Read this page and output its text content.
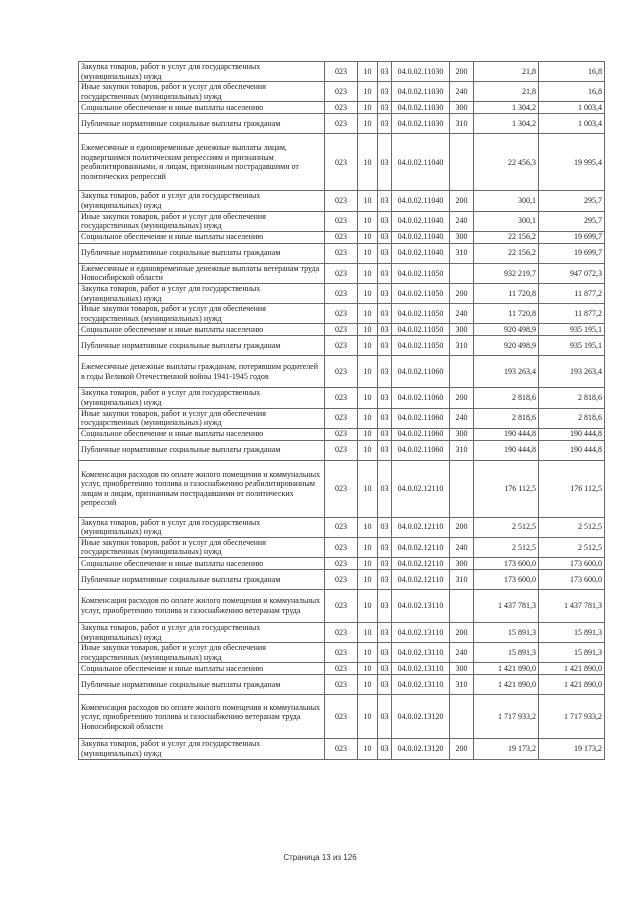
Закупка товаров, работ и услуг для государственных (муниципальных) нужд	023	10	03	04.0.02.11030	200	21,8	16,8
Иные закупки товаров, работ и услуг для обеспечения государственных (муниципальных) нужд	023	10	03	04.0.02.11030	240	21,8	16,8
Социальное обеспечение и иные выплаты населению	023	10	03	04.0.02.11030	300	1 304,2	1 003,4
Публичные нормативные социальные выплаты гражданам	023	10	03	04.0.02.11030	310	1 304,2	1 003,4
Ежемесячные и единовременные денежные выплаты лицам, подвергшимся политическим репрессиям и признанным реабилитированными, и лицам, признанным пострадавшими от политических репрессий	023	10	03	04.0.02.11040		22 456,3	19 995,4
Закупка товаров, работ и услуг для государственных (муниципальных) нужд	023	10	03	04.0.02.11040	200	300,1	295,7
Иные закупки товаров, работ и услуг для обеспечения государственных (муниципальных) нужд	023	10	03	04.0.02.11040	240	300,1	295,7
Социальное обеспечение и иные выплаты населению	023	10	03	04.0.02.11040	300	22 156,2	19 699,7
Публичные нормативные социальные выплаты гражданам	023	10	03	04.0.02.11040	310	22 156,2	19 699,7
Ежемесячные и единовременные денежные выплаты ветеранам труда Новосибирской области	023	10	03	04.0.02.11050		932 219,7	947 072,3
Закупка товаров, работ и услуг для государственных (муниципальных) нужд	023	10	03	04.0.02.11050	200	11 720,8	11 877,2
Иные закупки товаров, работ и услуг для обеспечения государственных (муниципальных) нужд	023	10	03	04.0.02.11050	240	11 720,8	11 877,2
Социальное обеспечение и иные выплаты населению	023	10	03	04.0.02.11050	300	920 498,9	935 195,1
Публичные нормативные социальные выплаты гражданам	023	10	03	04.0.02.11050	310	920 498,9	935 195,1
Ежемесячные денежные выплаты гражданам, потерявшим родителей в годы Великой Отечественной войны 1941-1945 годов	023	10	03	04.0.02.11060		193 263,4	193 263,4
Закупка товаров, работ и услуг для государственных (муниципальных) нужд	023	10	03	04.0.02.11060	200	2 818,6	2 818,6
Иные закупки товаров, работ и услуг для обеспечения государственных (муниципальных) нужд	023	10	03	04.0.02.11060	240	2 818,6	2 818,6
Социальное обеспечение и иные выплаты населению	023	10	03	04.0.02.11060	300	190 444,8	190 444,8
Публичные нормативные социальные выплаты гражданам	023	10	03	04.0.02.11060	310	190 444,8	190 444,8
Компенсация расходов по оплате жилого помещения и коммунальных услуг, приобретению топлива и газоснабжению реабилитированным лицам и лицам, признанным пострадавшими от политических репрессий	023	10	03	04.0.02.12110		176 112,5	176 112,5
Закупка товаров, работ и услуг для государственных (муниципальных) нужд	023	10	03	04.0.02.12110	200	2 512,5	2 512,5
Иные закупки товаров, работ и услуг для обеспечения государственных (муниципальных) нужд	023	10	03	04.0.02.12110	240	2 512,5	2 512,5
Социальное обеспечение и иные выплаты населению	023	10	03	04.0.02.12110	300	173 600,0	173 600,0
Публичные нормативные социальные выплаты гражданам	023	10	03	04.0.02.12110	310	173 600,0	173 600,0
Компенсация расходов по оплате жилого помещения и коммунальных услуг, приобретению топлива и газоснабжению ветеранам труда	023	10	03	04.0.02.13110		1 437 781,3	1 437 781,3
Закупка товаров, работ и услуг для государственных (муниципальных) нужд	023	10	03	04.0.02.13110	200	15 891,3	15 891,3
Иные закупки товаров, работ и услуг для обеспечения государственных (муниципальных) нужд	023	10	03	04.0.02.13110	240	15 891,3	15 891,3
Социальное обеспечение и иные выплаты населению	023	10	03	04.0.02.13110	300	1 421 890,0	1 421 890,0
Публичные нормативные социальные выплаты гражданам	023	10	03	04.0.02.13110	310	1 421 890,0	1 421 890,0
Компенсация расходов по оплате жилого помещения и коммунальных услуг, приобретению топлива и газоснабжению ветеранам труда Новосибирской области	023	10	03	04.0.02.13120		1 717 933,2	1 717 933,2
Закупка товаров, работ и услуг для государственных (муниципальных) нужд	023	10	03	04.0.02.13120	200	19 173,2	19 173,2
Страница 13 из 126
